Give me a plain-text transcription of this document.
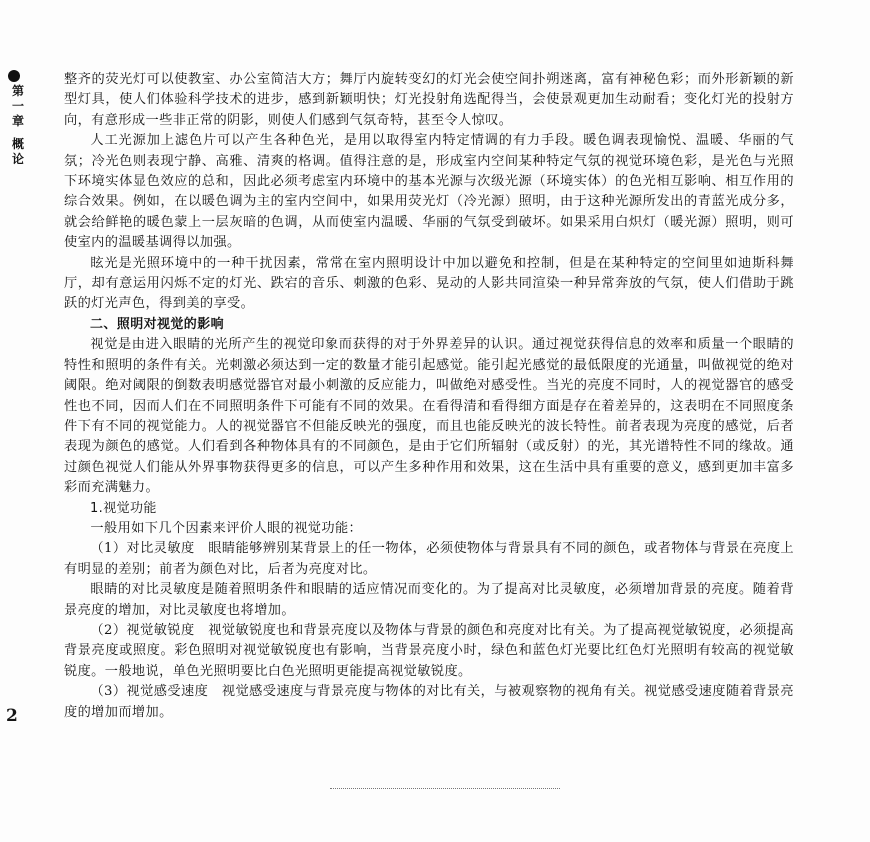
第
一
章
概
论
2

整齐的荧光灯可以使教室、办公室简洁大方；舞厅内旋转变幻的灯光会使空间扑朔迷离，富有神秘色彩；而外形新颖的新型灯具，使人们体验科学技术的进步，感到新颖明快；灯光投射角选配得当，会使景观更加生动耐看；变化灯光的投射方向，有意形成一些非正常的阴影，则使人们感到气氛奇特，甚至令人惊叹。

人工光源加上滤色片可以产生各种色光，是用以取得室内特定情调的有力手段。暖色调表现愉悦、温暖、华丽的气氛；冷光色则表现宁静、高雅、清爽的格调。值得注意的是，形成室内空间某种特定气氛的视觉环境色彩，是光色与光照下环境实体显色效应的总和，因此必须考虑室内环境中的基本光源与次级光源（环境实体）的色光相互影响、相互作用的综合效果。例如，在以暖色调为主的室内空间中，如果用荧光灯（冷光源）照明，由于这种光源所发出的青蓝光成分多，就会给鲜艳的暖色蒙上一层灰暗的色调，从而使室内温暖、华丽的气氛受到破坏。如果采用白炽灯（暖光源）照明，则可使室内的温暖基调得以加强。

眩光是光照环境中的一种干扰因素，常常在室内照明设计中加以避免和控制，但是在某种特定的空间里如迪斯科舞厅，却有意运用闪烁不定的灯光、跌宕的音乐、刺激的色彩、晃动的人影共同渲染一种异常奔放的气氛，使人们借助于跳跃的灯光声色，得到美的享受。

二、照明对视觉的影响

视觉是由进入眼睛的光所产生的视觉印象而获得的对于外界差异的认识。通过视觉获得信息的效率和质量一个眼睛的特性和照明的条件有关。光刺激必须达到一定的数量才能引起感觉。能引起光感觉的最低限度的光通量，叫做视觉的绝对阈限。绝对阈限的倒数表明感觉器官对最小刺激的反应能力，叫做绝对感受性。当光的亮度不同时，人的视觉器官的感受性也不同，因而人们在不同照明条件下可能有不同的效果。在看得清和看得细方面是存在着差异的，这表明在不同照度条件下有不同的视觉能力。人的视觉器官不但能反映光的强度，而且也能反映光的波长特性。前者表现为亮度的感觉，后者表现为颜色的感觉。人们看到各种物体具有的不同颜色，是由于它们所辐射（或反射）的光，其光谱特性不同的缘故。通过颜色视觉人们能从外界事物获得更多的信息，可以产生多种作用和效果，这在生活中具有重要的意义，感到更加丰富多彩而充满魅力。

1.视觉功能

一般用如下几个因素来评价人眼的视觉功能：

（1）对比灵敏度　眼睛能够辨别某背景上的任一物体，必须使物体与背景具有不同的颜色，或者物体与背景在亮度上有明显的差别；前者为颜色对比，后者为亮度对比。

眼睛的对比灵敏度是随着照明条件和眼睛的适应情况而变化的。为了提高对比灵敏度，必须增加背景的亮度。随着背景亮度的增加，对比灵敏度也将增加。

（2）视觉敏锐度　视觉敏锐度也和背景亮度以及物体与背景的颜色和亮度对比有关。为了提高视觉敏锐度，必须提高背景亮度或照度。彩色照明对视觉敏锐度也有影响，当背景亮度小时，绿色和蓝色灯光要比红色灯光照明有较高的视觉敏锐度。一般地说，单色光照明要比白色光照明更能提高视觉敏锐度。

（3）视觉感受速度　视觉感受速度与背景亮度与物体的对比有关，与被观察物的视角有关。视觉感受速度随着背景亮度的增加而增加。
